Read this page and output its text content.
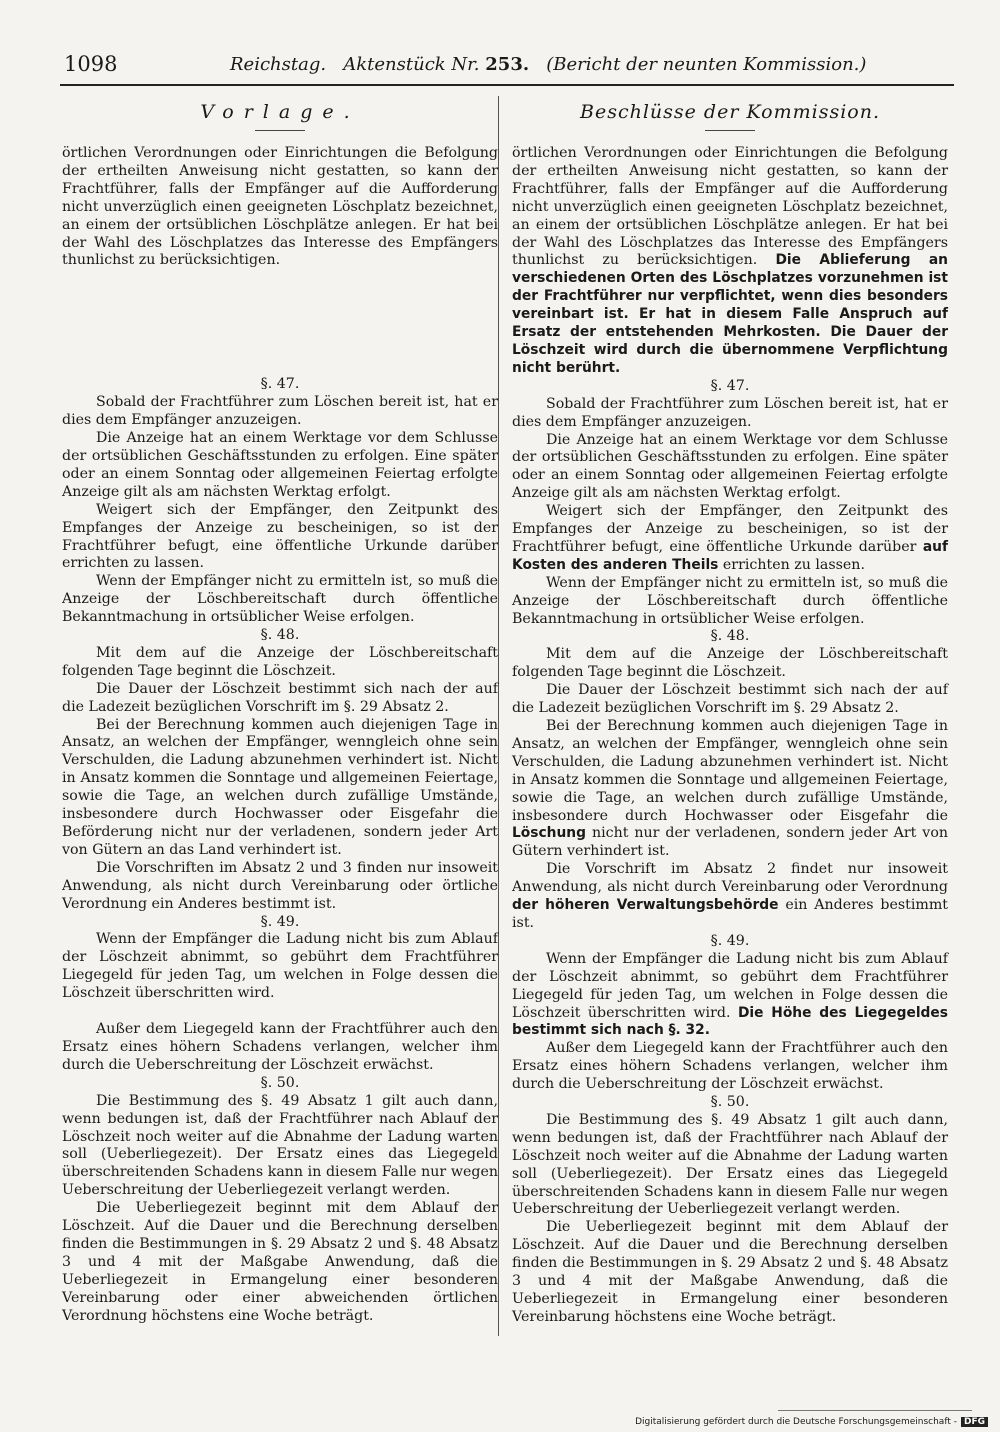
1098	Reichstag. Aktenstück Nr. 253. (Bericht der neunten Kommission.)
Vorlage.

örtlichen Verordnungen oder Einrichtungen die Befolgung der ertheilten Anweisung nicht gestatten, so kann der Frachtführer, falls der Empfänger auf die Aufforderung nicht unverzüglich einen geeigneten Löschplatz bezeichnet, an einem der ortsüblichen Löschplätze anlegen. Er hat bei der Wahl des Löschplatzes das Interesse des Empfängers thunlichst zu berücksichtigen.

§. 47.

Sobald der Frachtführer zum Löschen bereit ist, hat er dies dem Empfänger anzuzeigen.

Die Anzeige hat an einem Werktage vor dem Schlusse der ortsüblichen Geschäftsstunden zu erfolgen. Eine später oder an einem Sonntag oder allgemeinen Feiertag erfolgte Anzeige gilt als am nächsten Werktag erfolgt.

Weigert sich der Empfänger, den Zeitpunkt des Empfanges der Anzeige zu bescheinigen, so ist der Frachtführer befugt, eine öffentliche Urkunde darüber errichten zu lassen.

Wenn der Empfänger nicht zu ermitteln ist, so muß die Anzeige der Löschbereitschaft durch öffentliche Bekanntmachung in ortsüblicher Weise erfolgen.

§. 48.

Mit dem auf die Anzeige der Löschbereitschaft folgenden Tage beginnt die Löschzeit.

Die Dauer der Löschzeit bestimmt sich nach der auf die Ladezeit bezüglichen Vorschrift im §. 29 Absatz 2.

Bei der Berechnung kommen auch diejenigen Tage in Ansatz, an welchen der Empfänger, wenngleich ohne sein Verschulden, die Ladung abzunehmen verhindert ist. Nicht in Ansatz kommen die Sonntage und allgemeinen Feiertage, sowie die Tage, an welchen durch zufällige Umstände, insbesondere durch Hochwasser oder Eisgefahr die Beförderung nicht nur der verladenen, sondern jeder Art von Gütern an das Land verhindert ist.

Die Vorschriften im Absatz 2 und 3 finden nur insoweit Anwendung, als nicht durch Vereinbarung oder örtliche Verordnung ein Anderes bestimmt ist.

§. 49.

Wenn der Empfänger die Ladung nicht bis zum Ablauf der Löschzeit abnimmt, so gebührt dem Frachtführer Liegegeld für jeden Tag, um welchen in Folge dessen die Löschzeit überschritten wird.

Außer dem Liegegeld kann der Frachtführer auch den Ersatz eines höhern Schadens verlangen, welcher ihm durch die Ueberschreitung der Löschzeit erwächst.

§. 50.

Die Bestimmung des §. 49 Absatz 1 gilt auch dann, wenn bedungen ist, daß der Frachtführer nach Ablauf der Löschzeit noch weiter auf die Abnahme der Ladung warten soll (Ueberliegezeit). Der Ersatz eines das Liegegeld überschreitenden Schadens kann in diesem Falle nur wegen Ueberschreitung der Ueberliegezeit verlangt werden.

Die Ueberliegezeit beginnt mit dem Ablauf der Löschzeit. Auf die Dauer und die Berechnung derselben finden die Bestimmungen in §. 29 Absatz 2 und §. 48 Absatz 3 und 4 mit der Maßgabe Anwendung, daß die Ueberliegezeit in Ermangelung einer besonderen Vereinbarung oder einer abweichenden örtlichen Verordnung höchstens eine Woche beträgt.

Beschlüsse der Kommission.

örtlichen Verordnungen oder Einrichtungen die Befolgung der ertheilten Anweisung nicht gestatten, so kann der Frachtführer, falls der Empfänger auf die Aufforderung nicht unverzüglich einen geeigneten Löschplatz bezeichnet, an einem der ortsüblichen Löschplätze anlegen. Er hat bei der Wahl des Löschplatzes das Interesse des Empfängers thunlichst zu berücksichtigen. Die Ablieferung an verschiedenen Orten des Löschplatzes vorzunehmen ist der Frachtführer nur verpflichtet, wenn dies besonders vereinbart ist. Er hat in diesem Falle Anspruch auf Ersatz der entstehenden Mehrkosten. Die Dauer der Löschzeit wird durch die übernommene Verpflichtung nicht berührt.

§. 47.

Sobald der Frachtführer zum Löschen bereit ist, hat er dies dem Empfänger anzuzeigen.

Die Anzeige hat an einem Werktage vor dem Schlusse der ortsüblichen Geschäftsstunden zu erfolgen. Eine später oder an einem Sonntag oder allgemeinen Feiertag erfolgte Anzeige gilt als am nächsten Werktag erfolgt.

Weigert sich der Empfänger, den Zeitpunkt des Empfanges der Anzeige zu bescheinigen, so ist der Frachtführer befugt, eine öffentliche Urkunde darüber auf Kosten des anderen Theils errichten zu lassen.

Wenn der Empfänger nicht zu ermitteln ist, so muß die Anzeige der Löschbereitschaft durch öffentliche Bekanntmachung in ortsüblicher Weise erfolgen.

§. 48.

Mit dem auf die Anzeige der Löschbereitschaft folgenden Tage beginnt die Löschzeit.

Die Dauer der Löschzeit bestimmt sich nach der auf die Ladezeit bezüglichen Vorschrift im §. 29 Absatz 2.

Bei der Berechnung kommen auch diejenigen Tage in Ansatz, an welchen der Empfänger, wenngleich ohne sein Verschulden, die Ladung abzunehmen verhindert ist. Nicht in Ansatz kommen die Sonntage und allgemeinen Feiertage, sowie die Tage, an welchen durch zufällige Umstände, insbesondere durch Hochwasser oder Eisgefahr die Löschung nicht nur der verladenen, sondern jeder Art von Gütern verhindert ist.

Die Vorschrift im Absatz 2 findet nur insoweit Anwendung, als nicht durch Vereinbarung oder Verordnung der höheren Verwaltungsbehörde ein Anderes bestimmt ist.

§. 49.

Wenn der Empfänger die Ladung nicht bis zum Ablauf der Löschzeit abnimmt, so gebührt dem Frachtführer Liegegeld für jeden Tag, um welchen in Folge dessen die Löschzeit überschritten wird. Die Höhe des Liegegeldes bestimmt sich nach §. 32.

Außer dem Liegegeld kann der Frachtführer auch den Ersatz eines höhern Schadens verlangen, welcher ihm durch die Ueberschreitung der Löschzeit erwächst.

§. 50.

Die Bestimmung des §. 49 Absatz 1 gilt auch dann, wenn bedungen ist, daß der Frachtführer nach Ablauf der Löschzeit noch weiter auf die Abnahme der Ladung warten soll (Ueberliegezeit). Der Ersatz eines das Liegegeld überschreitenden Schadens kann in diesem Falle nur wegen Ueberschreitung der Ueberliegezeit verlangt werden.

Die Ueberliegezeit beginnt mit dem Ablauf der Löschzeit. Auf die Dauer und die Berechnung derselben finden die Bestimmungen in §. 29 Absatz 2 und §. 48 Absatz 3 und 4 mit der Maßgabe Anwendung, daß die Ueberliegezeit in Ermangelung einer besonderen Vereinbarung höchstens eine Woche beträgt.

Digitalisierung gefördert durch die Deutsche Forschungsgemeinschaft - DFG
